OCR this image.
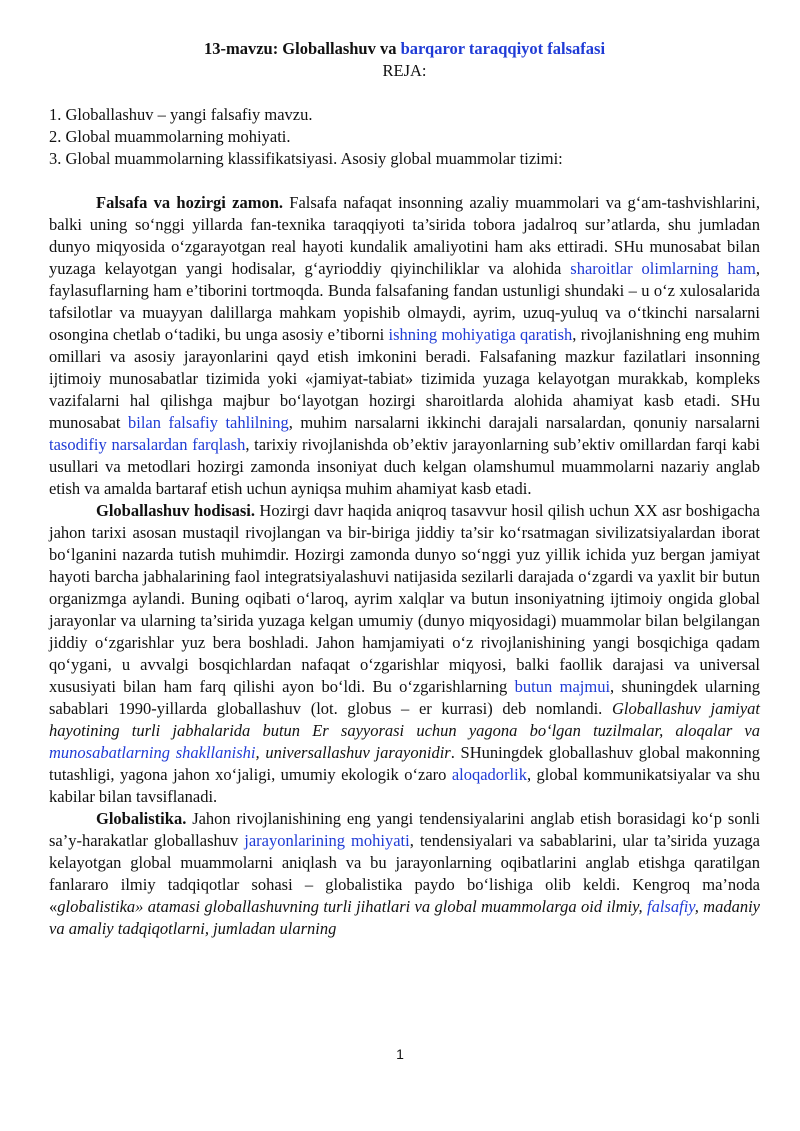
13-mavzu: Globallashuv va barqaror taraqqiyot falsafasi
REJA:
1. Globallashuv – yangi falsafiy mavzu.
2. Global muammolarning mohiyati.
3. Global muammolarning klassifikatsiyasi. Asosiy global muammolar tizimi:

Falsafa va hozirgi zamon. Falsafa nafaqat insonning azaliy muammolari va g‘am-tashvishlarini, balki uning so‘nggi yillarda fan-texnika taraqqiyoti ta’sirida tobora jadalroq sur’atlarda, shu jumladan dunyo miqyosida o‘zgarayotgan real hayoti kundalik amaliyotini ham aks ettiradi. SHu munosabat bilan yuzaga kelayotgan yangi hodisalar, g‘ayrioddiy qiyinchiliklar va alohida sharoitlar olimlarning ham, faylasuflarning ham e’tiborini tortmoqda. Bunda falsafaning fandan ustunligi shundaki – u o‘z xulosalarida tafsilotlar va muayyan dalillarga mahkam yopishib olmaydi, ayrim, uzuq-yuluq va o‘tkinchi narsalarni osongina chetlab o‘tadiki, bu unga asosiy e’tiborni ishning mohiyatiga qaratish, rivojlanishning eng muhim omillari va asosiy jarayonlarini qayd etish imkonini beradi. Falsafaning mazkur fazilatlari insonning ijtimoiy munosabatlar tizimida yoki «jamiyat-tabiat» tizimida yuzaga kelayotgan murakkab, kompleks vazifalarni hal qilishga majbur bo‘layotgan hozirgi sharoitlarda alohida ahamiyat kasb etadi. SHu munosabat bilan falsafiy tahlilning, muhim narsalarni ikkinchi darajali narsalardan, qonuniy narsalarni tasodifiy narsalardan farqlash, tarixiy rivojlanishda ob’ektiv jarayonlarning sub’ektiv omillardan farqi kabi usullari va metodlari hozirgi zamonda insoniyat duch kelgan olamshumul muammolarni nazariy anglab etish va amalda bartaraf etish uchun ayniqsa muhim ahamiyat kasb etadi.

Globallashuv hodisasi. Hozirgi davr haqida aniqroq tasavvur hosil qilish uchun XX asr boshigacha jahon tarixi asosan mustaqil rivojlangan va bir-biriga jiddiy ta’sir ko‘rsatmagan sivilizatsiyalardan iborat bo‘lganini nazarda tutish muhimdir. Hozirgi zamonda dunyo so‘nggi yuz yillik ichida yuz bergan jamiyat hayoti barcha jabhalarining faol integratsiyalashuvi natijasida sezilarli darajada o‘zgardi va yaxlit bir butun organizmga aylandi. Buning oqibati o‘laroq, ayrim xalqlar va butun insoniyatning ijtimoiy ongida global jarayonlar va ularning ta’sirida yuzaga kelgan umumiy (dunyo miqyosidagi) muammolar bilan belgilangan jiddiy o‘zgarishlar yuz bera boshladi. Jahon hamjamiyati o‘z rivojlanishining yangi bosqichiga qadam qo‘ygani, u avvalgi bosqichlardan nafaqat o‘zgarishlar miqyosi, balki faollik darajasi va universal xususiyati bilan ham farq qilishi ayon bo‘ldi. Bu o‘zgarishlarning butun majmui, shuningdek ularning sabablari 1990-yillarda globallashuv (lot. globus – er kurrasi) deb nomlandi. Globallashuv jamiyat hayotining turli jabhalarida butun Er sayyorasi uchun yagona bo‘lgan tuzilmalar, aloqalar va munosabatlarning shakllanishi, universallashuv jarayonidir. SHuningdek globallashuv global makonning tutashligi, yagona jahon xo‘jaligi, umumiy ekologik o‘zaro aloqadorlik, global kommunikatsiyalar va shu kabilar bilan tavsiflanadi.

Globalistika. Jahon rivojlanishining eng yangi tendensiyalarini anglab etish borasidagi ko‘p sonli sa’y-harakatlar globallashuv jarayonlarining mohiyati, tendensiyalari va sabablarini, ular ta’sirida yuzaga kelayotgan global muammolarni aniqlash va bu jarayonlarning oqibatlarini anglab etishga qaratilgan fanlararo ilmiy tadqiqotlar sohasi – globalistika paydo bo‘lishiga olib keldi. Kengroq ma’noda «globalistika» atamasi globallashuvning turli jihatlari va global muammolarga oid ilmiy, falsafiy, madaniy va amaliy tadqiqotlarni, jumladan ularning

1
